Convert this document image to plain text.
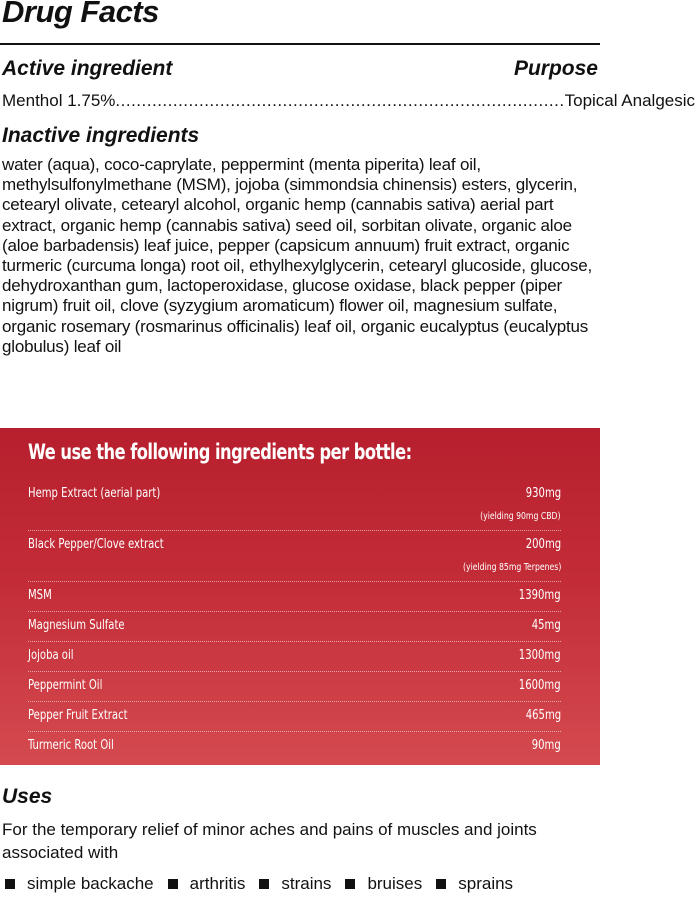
Drug Facts
Active ingredient	Purpose
Menthol 1.75% ...................................................................................... Topical Analgesic
Inactive ingredients
water (aqua), coco-caprylate, peppermint (menta piperita) leaf oil, methylsulfonylmethane (MSM), jojoba (simmondsia chinensis) esters, glycerin, cetearyl olivate, cetearyl alcohol, organic hemp (cannabis sativa) aerial part extract, organic hemp (cannabis sativa) seed oil, sorbitan olivate, organic aloe (aloe barbadensis) leaf juice, pepper (capsicum annuum) fruit extract, organic turmeric (curcuma longa) root oil, ethylhexylglycerin, cetearyl glucoside, glucose, dehydroxanthan gum, lactoperoxidase, glucose oxidase, black pepper (piper nigrum) fruit oil, clove (syzygium aromaticum) flower oil, magnesium sulfate, organic rosemary (rosmarinus officinalis) leaf oil, organic eucalyptus (eucalyptus globulus) leaf oil
We use the following ingredients per bottle:
Hemp Extract (aerial part)	930mg
(yielding 90mg CBD)
Black Pepper/Clove extract	200mg
(yielding 85mg Terpenes)
MSM	1390mg
Magnesium Sulfate	45mg
Jojoba oil	1300mg
Peppermint Oil	1600mg
Pepper Fruit Extract	465mg
Turmeric Root Oil	90mg
Uses
For the temporary relief of minor aches and pains of muscles and joints associated with
simple backache arthritis strains bruises sprains
